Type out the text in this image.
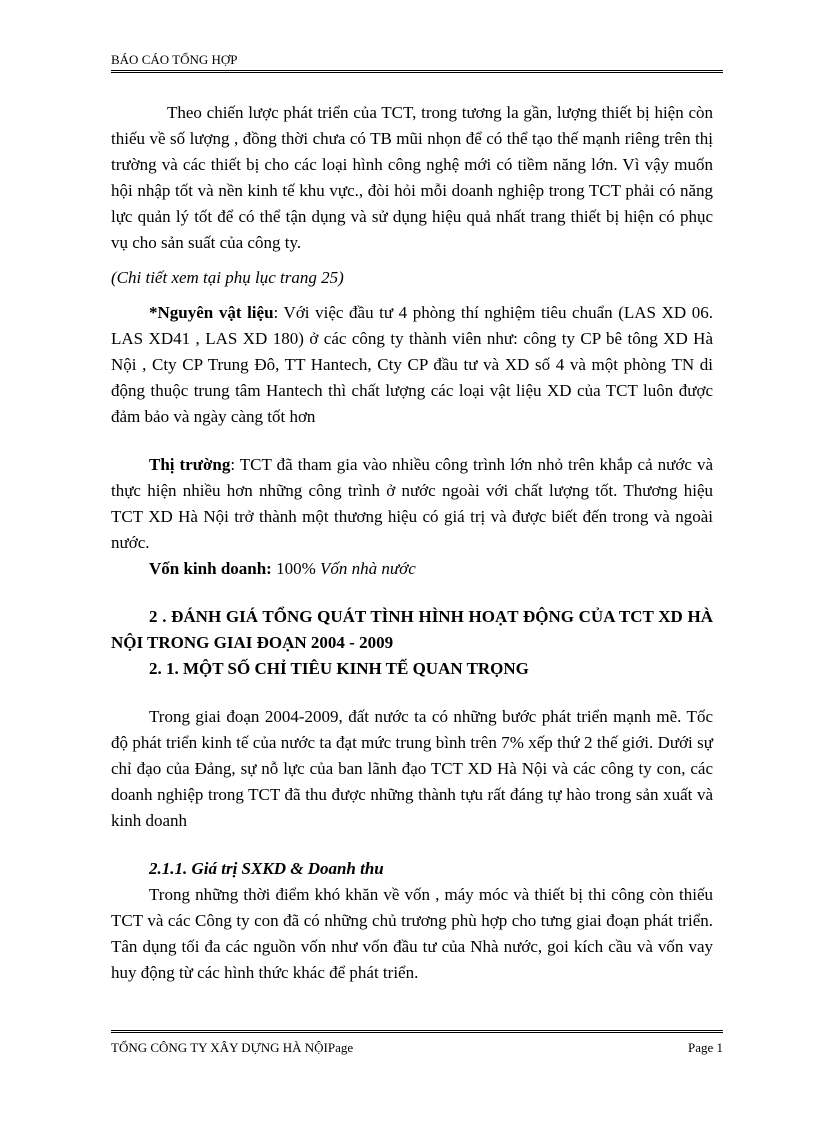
BÁO CÁO TỔNG HỢP

Theo chiến lược phát triển của TCT, trong tương la gần, lượng thiết bị hiện còn thiếu về số lượng , đồng thời chưa có TB mũi nhọn để có thể tạo thế mạnh riêng trên thị trường và các thiết bị cho các loại hình công nghệ mới có tiềm năng lớn. Vì vậy muốn hội nhập tốt và nền kinh tế khu vực., đòi hỏi mỗi doanh nghiệp trong TCT phải có năng lực quản lý tốt để có thể tận dụng và sử dụng hiệu quả nhất trang thiết bị hiện có phục vụ cho sản suất của công ty.

(Chi tiết xem tại phụ lục trang 25)

*Nguyên vật liệu: Với việc đầu tư 4 phòng thí nghiệm tiêu chuẩn (LAS XD 06. LAS XD41 , LAS XD 180) ở các công ty thành viên như: công ty CP bê tông XD Hà Nội , Cty CP Trung Đô, TT Hantech, Cty CP đầu tư và XD số 4 và một phòng TN di động thuộc trung tâm Hantech thì chất lượng các loại vật liệu XD của TCT luôn được đảm bảo và ngày càng tốt hơn

Thị trường: TCT đã tham gia vào nhiều công trình lớn nhỏ trên khắp cả nước và thực hiện nhiều hơn những công trình ở nước ngoài với chất lượng tốt. Thương hiệu TCT XD Hà Nội trở thành một thương hiệu có giá trị và được biết đến trong và ngoài nước.

Vốn kinh doanh: 100% Vốn nhà nước

2 . ĐÁNH GIÁ TỔNG QUÁT TÌNH HÌNH HOẠT ĐỘNG CỦA TCT XD HÀ NỘI TRONG GIAI ĐOẠN 2004 - 2009

2. 1. MỘT SỐ CHỈ TIÊU KINH TẾ QUAN TRỌNG

Trong giai đoạn 2004-2009, đất nước ta có những bước phát triển mạnh mẽ. Tốc độ phát triển kinh tế của nước ta đạt mức trung bình trên 7% xếp thứ 2 thế giới. Dưới sự chỉ đạo của Đảng, sự nỗ lực của ban lãnh đạo TCT XD Hà Nội và các công ty con, các doanh nghiệp trong TCT đã thu được những thành tựu rất đáng tự hào trong sản xuất và kinh doanh

2.1.1. Giá trị SXKD & Doanh thu

Trong những thời điểm khó khăn về vốn , máy móc và thiết bị thi công còn thiếu TCT và các Công ty con đã có những chủ trương phù hợp cho tưng giai đoạn phát triển. Tân dụng tối đa các nguồn vốn như vốn đầu tư của Nhà nước, goi kích cầu và vốn vay huy động từ các hình thức khác để phát triển.

TỔNG CÔNG TY XÂY DỰNG HÀ NỘIPage	Page 1
